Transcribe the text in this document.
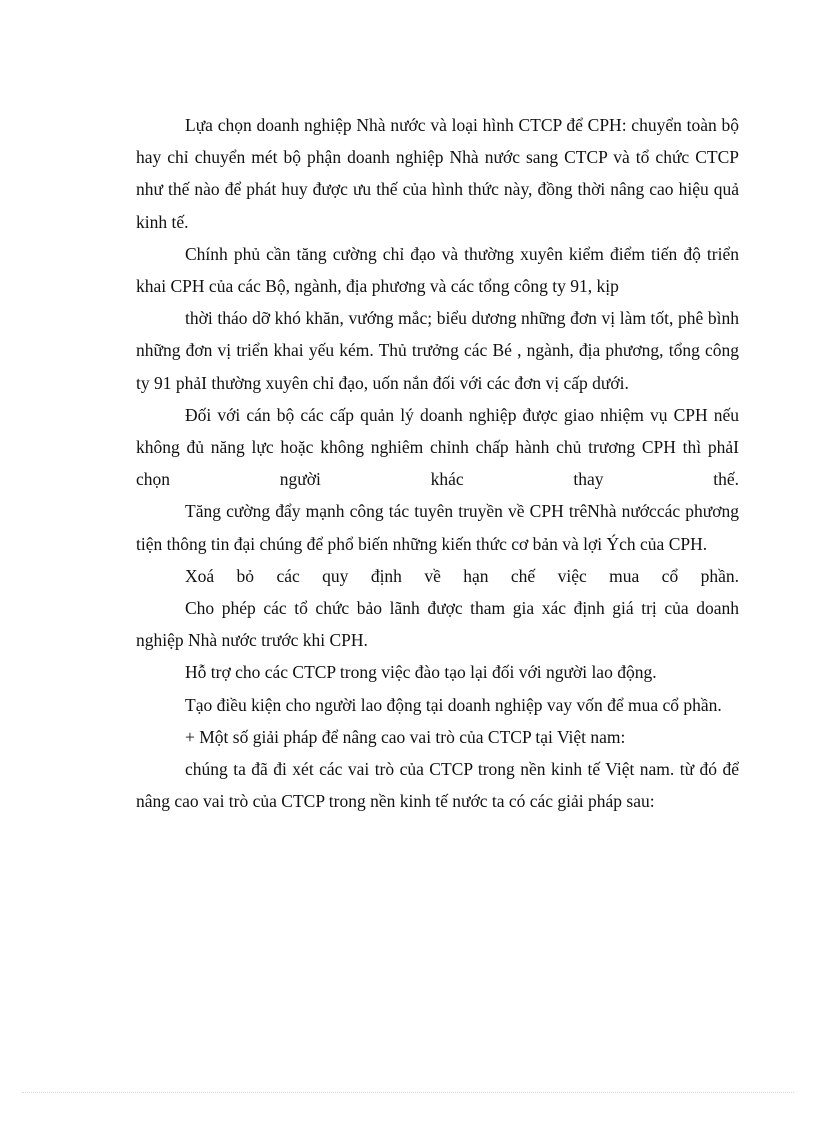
Lựa chọn doanh nghiệp Nhà nước và loại hình CTCP để CPH: chuyển toàn bộ hay chỉ chuyển mét bộ phận doanh nghiệp Nhà nước sang CTCP và tổ chức CTCP như thế nào để phát huy được ưu thế của hình thức này, đồng thời nâng cao hiệu quả kinh tế.

Chính phủ cần tăng cường chỉ đạo và thường xuyên kiểm điểm tiến độ triển khai CPH của các Bộ, ngành, địa phương và các tổng công ty 91, kịp

thời tháo dỡ khó khăn, vướng mắc; biểu dương những đơn vị làm tốt, phê bình những đơn vị triển khai yếu kém. Thủ trưởng các Bé , ngành, địa phương, tổng công ty 91 phảI thường xuyên chỉ đạo, uốn nắn đối với các đơn vị cấp dưới.

Đối với cán bộ các cấp quản lý doanh nghiệp được giao nhiệm vụ CPH nếu không đủ năng lực hoặc không nghiêm chỉnh chấp hành chủ trương CPH thì phảI chọn người khác thay thế.

Tăng cường đẩy mạnh công tác tuyên truyền về CPH trêNhà nướccác phương tiện thông tin đại chúng để phổ biến những kiến thức cơ bản và lợi Ých của CPH.

Xoá bỏ các quy định về hạn chế việc mua cổ phần.

Cho phép các tổ chức bảo lãnh được tham gia xác định giá trị của doanh nghiệp Nhà nước trước khi CPH.

Hỗ trợ cho các CTCP trong việc đào tạo lại đối với người lao động.

Tạo điều kiện cho người lao động tại doanh nghiệp vay vốn để mua cổ phần.

+ Một số giải pháp để nâng cao vai trò của CTCP tại Việt nam:

chúng ta đã đi xét các vai trò của CTCP trong nền kinh tế Việt nam. từ đó để nâng cao vai trò của CTCP trong nền kinh tế nước ta có các giải pháp sau:
